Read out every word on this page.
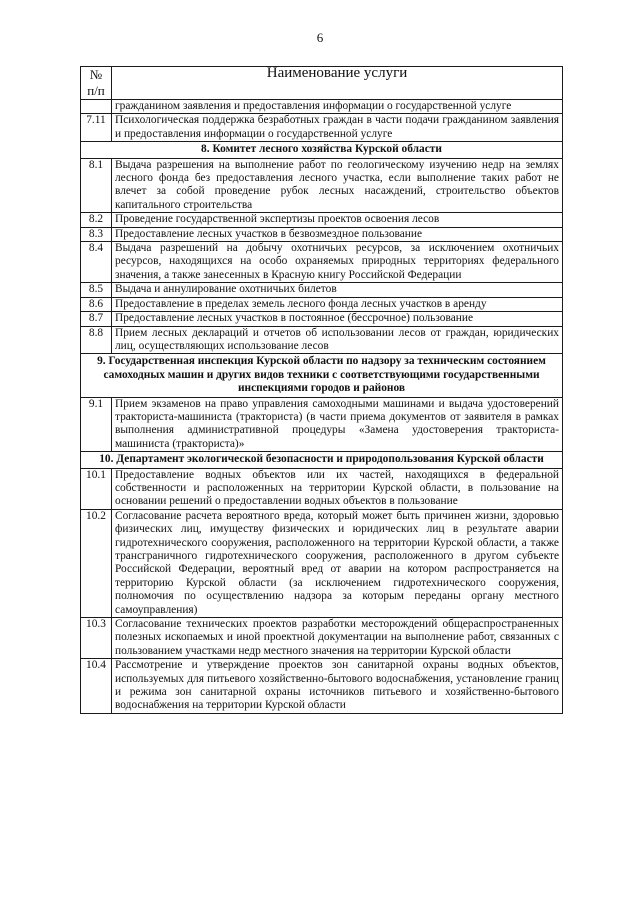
6
№ п/п	Наименование услуги
	гражданином заявления и предоставления информации о государственной услуге
7.11	Психологическая поддержка безработных граждан в части подачи гражданином заявления и предоставления информации о государственной услуге
8. Комитет лесного хозяйства Курской области	
8.1	Выдача разрешения на выполнение работ по геологическому изучению недр на землях лесного фонда без предоставления лесного участка, если выполнение таких работ не влечет за собой проведение рубок лесных насаждений, строительство объектов капитального строительства
8.2	Проведение государственной экспертизы проектов освоения лесов
8.3	Предоставление лесных участков в безвозмездное пользование
8.4	Выдача разрешений на добычу охотничьих ресурсов, за исключением охотничьих ресурсов, находящихся на особо охраняемых природных территориях федерального значения, а также занесенных в Красную книгу Российской Федерации
8.5	Выдача и аннулирование охотничьих билетов
8.6	Предоставление в пределах земель лесного фонда лесных участков в аренду
8.7	Предоставление лесных участков в постоянное (бессрочное) пользование
8.8	Прием лесных деклараций и отчетов об использовании лесов от граждан, юридических лиц, осуществляющих использование лесов
9. Государственная инспекция Курской области по надзору за техническим состоянием самоходных машин и других видов техники с соответствующими государственными инспекциями городов и районов	
9.1	Прием экзаменов на право управления самоходными машинами и выдача удостоверений тракториста-машиниста (тракториста) (в части приема документов от заявителя в рамках выполнения административной процедуры «Замена удостоверения тракториста-машиниста (тракториста)»
10. Департамент экологической безопасности и природопользования Курской области	
10.1	Предоставление водных объектов или их частей, находящихся в федеральной собственности и расположенных на территории Курской области, в пользование на основании решений о предоставлении водных объектов в пользование
10.2	Согласование расчета вероятного вреда, который может быть причинен жизни, здоровью физических лиц, имуществу физических и юридических лиц в результате аварии гидротехнического сооружения, расположенного на территории Курской области, а также трансграничного гидротехнического сооружения, расположенного в другом субъекте Российской Федерации, вероятный вред от аварии на котором распространяется на территорию Курской области (за исключением гидротехнического сооружения, полномочия по осуществлению надзора за которым переданы органу местного самоуправления)
10.3	Согласование технических проектов разработки месторождений общераспространенных полезных ископаемых и иной проектной документации на выполнение работ, связанных с пользованием участками недр местного значения на территории Курской области
10.4	Рассмотрение и утверждение проектов зон санитарной охраны водных объектов, используемых для питьевого хозяйственно-бытового водоснабжения, установление границ и режима зон санитарной охраны источников питьевого и хозяйственно-бытового водоснабжения на территории Курской области
